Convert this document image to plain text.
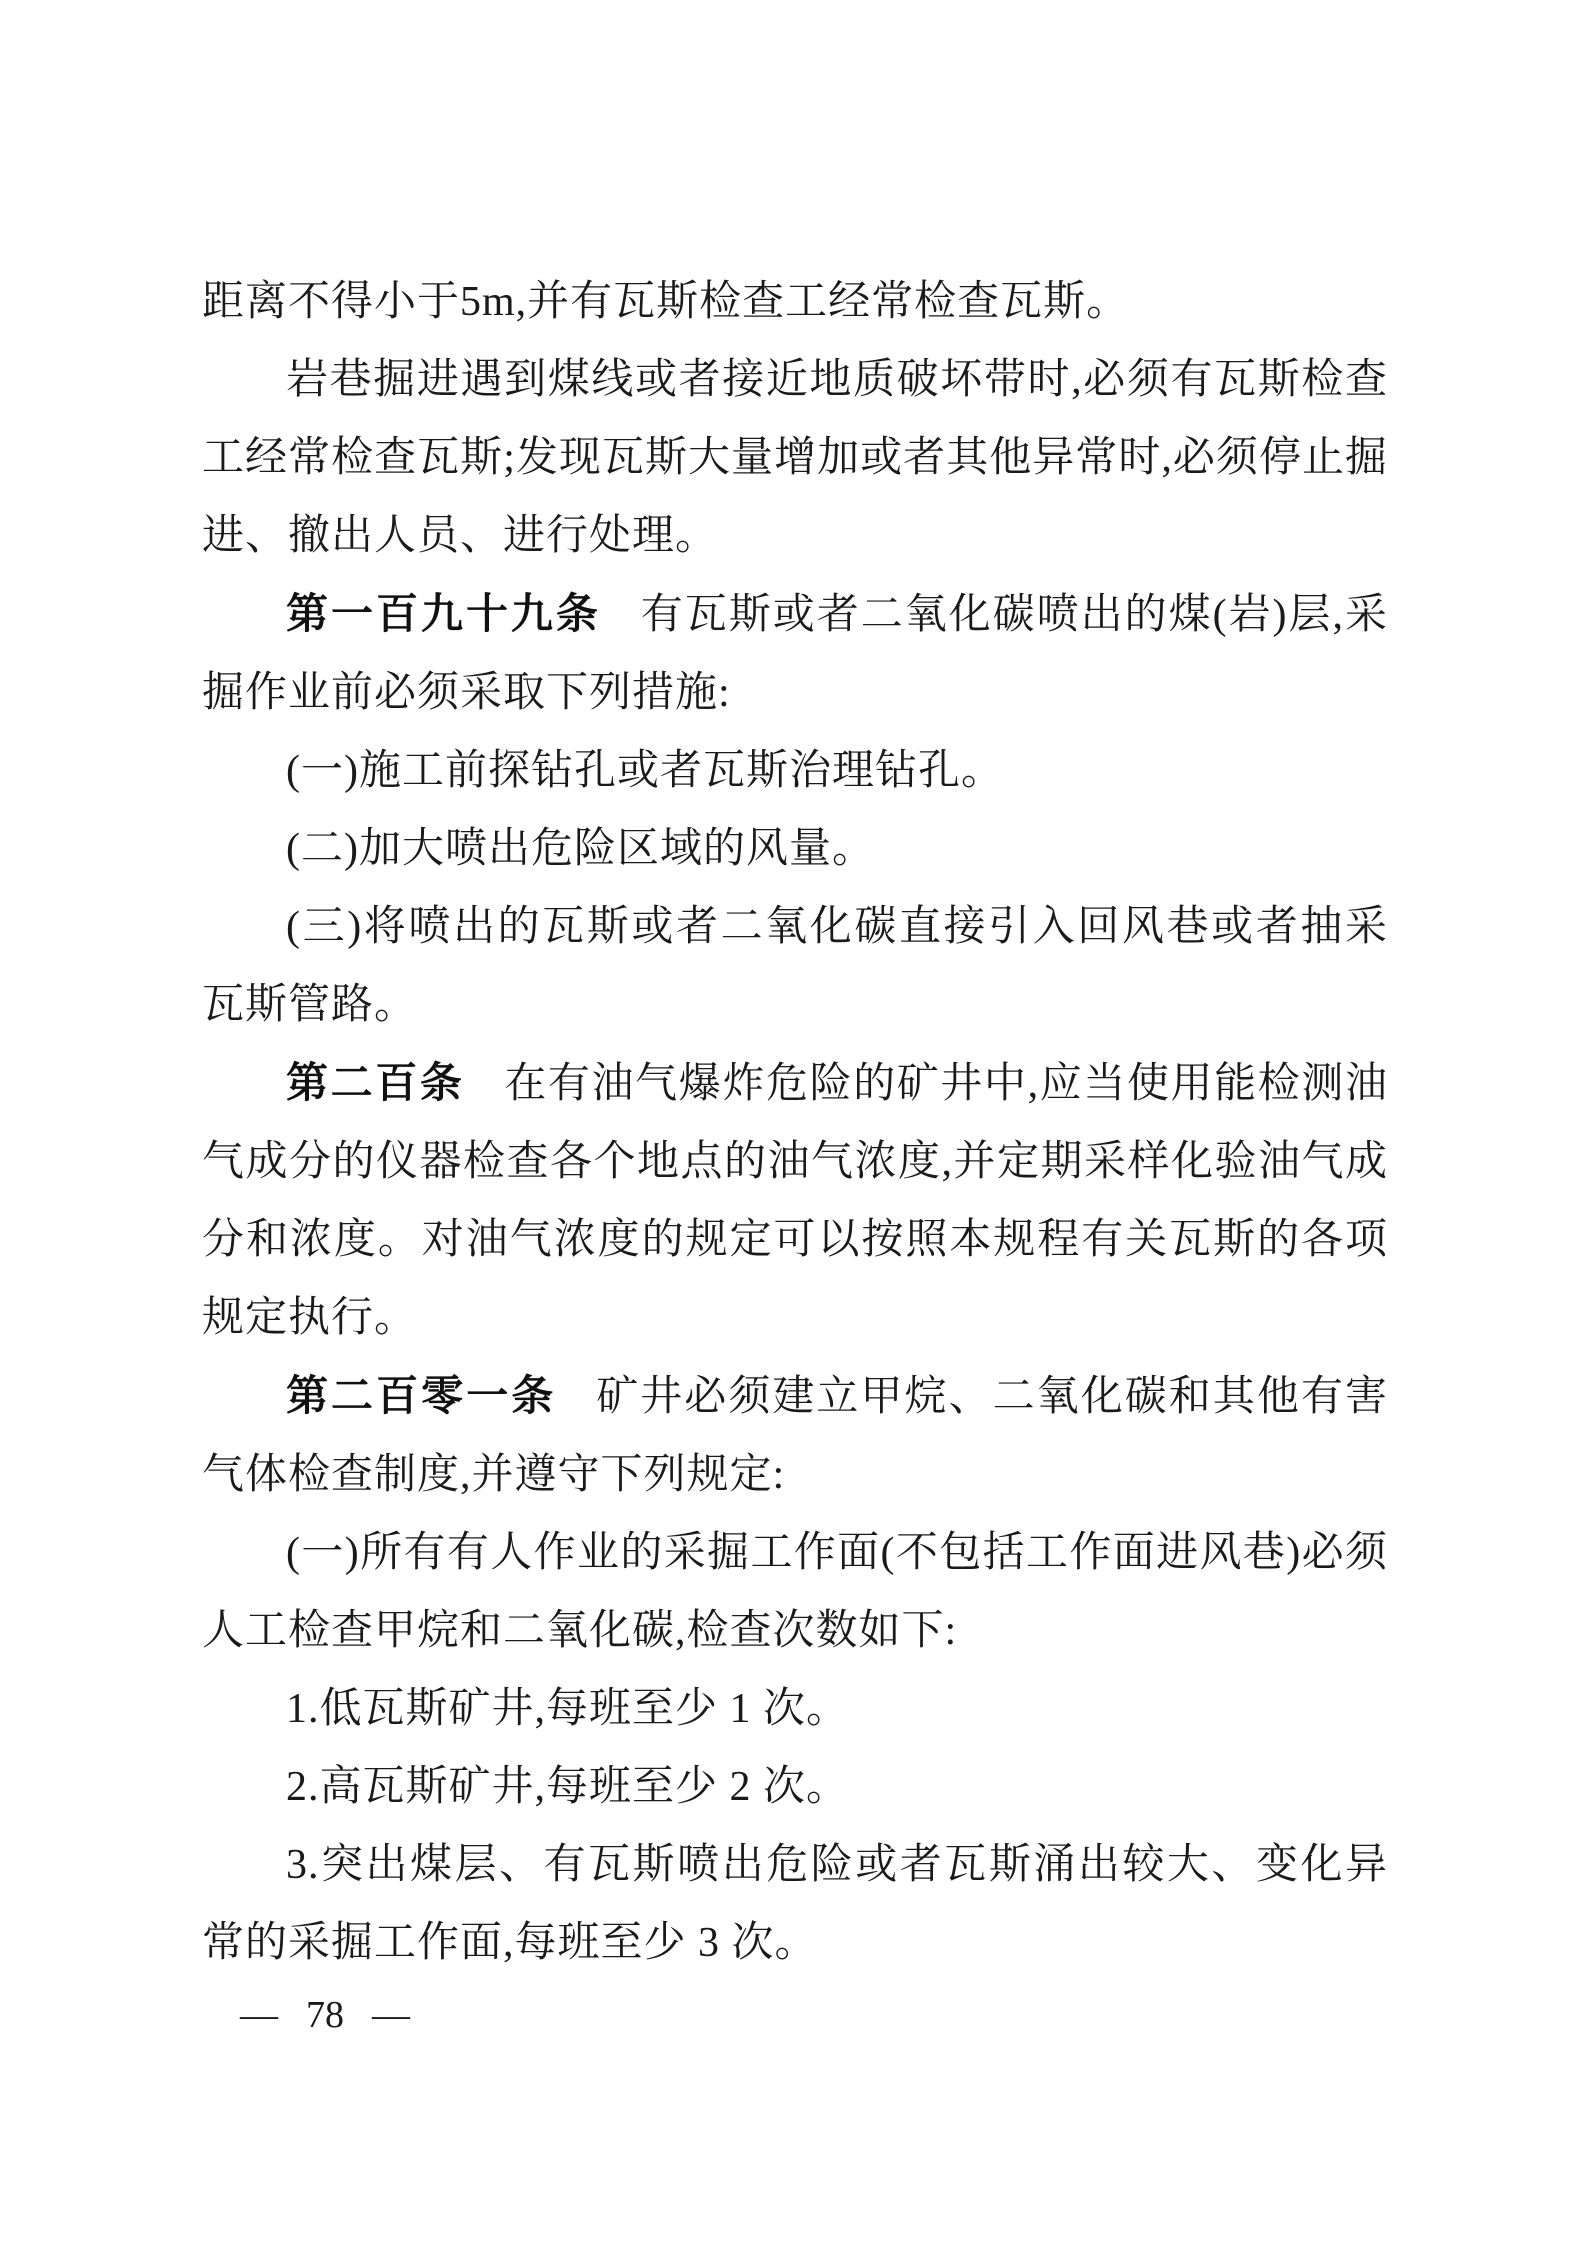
距离不得小于5m,并有瓦斯检查工经常检查瓦斯。

岩巷掘进遇到煤线或者接近地质破坏带时,必须有瓦斯检查工经常检查瓦斯;发现瓦斯大量增加或者其他异常时,必须停止掘进、撤出人员、进行处理。

第一百九十九条 有瓦斯或者二氧化碳喷出的煤(岩)层,采掘作业前必须采取下列措施:

(一)施工前探钻孔或者瓦斯治理钻孔。

(二)加大喷出危险区域的风量。

(三)将喷出的瓦斯或者二氧化碳直接引入回风巷或者抽采瓦斯管路。

第二百条 在有油气爆炸危险的矿井中,应当使用能检测油气成分的仪器检查各个地点的油气浓度,并定期采样化验油气成分和浓度。对油气浓度的规定可以按照本规程有关瓦斯的各项规定执行。

第二百零一条 矿井必须建立甲烷、二氧化碳和其他有害气体检查制度,并遵守下列规定:

(一)所有有人作业的采掘工作面(不包括工作面进风巷)必须人工检查甲烷和二氧化碳,检查次数如下:

1.低瓦斯矿井,每班至少 1 次。

2.高瓦斯矿井,每班至少 2 次。

3.突出煤层、有瓦斯喷出危险或者瓦斯涌出较大、变化异常的采掘工作面,每班至少 3 次。

— 78 —
